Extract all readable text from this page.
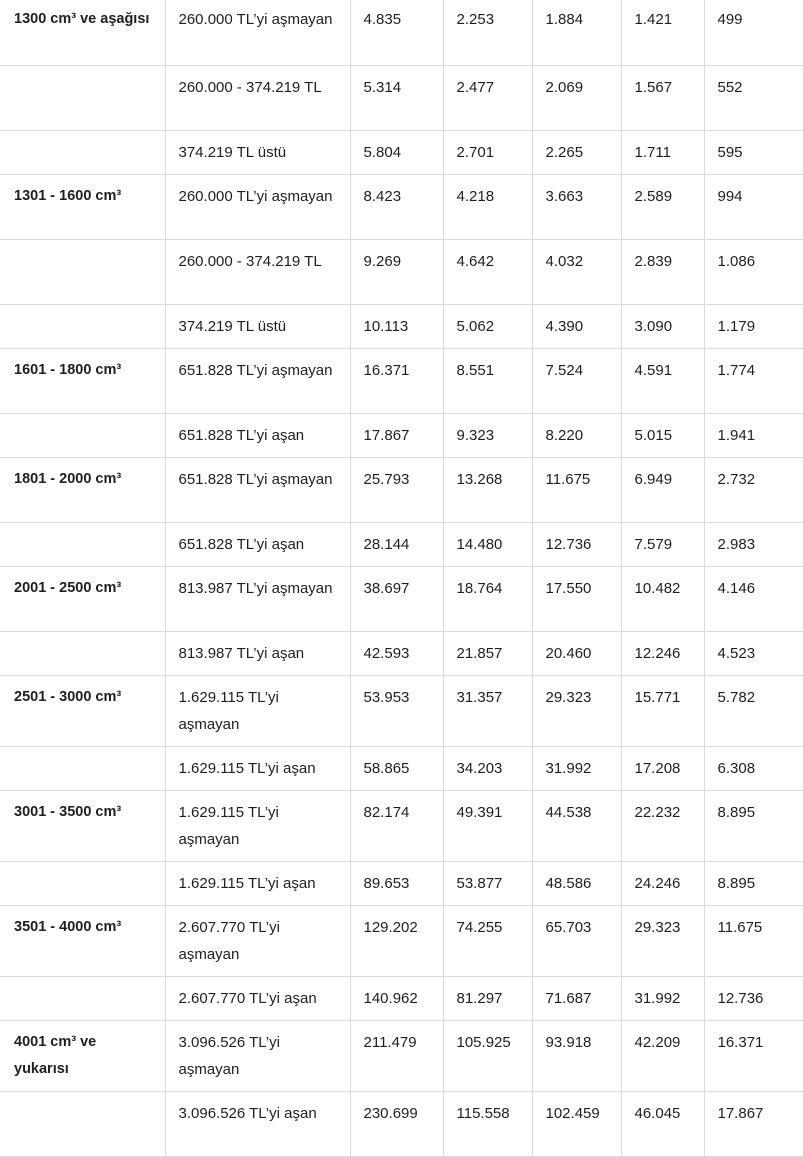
1300 cm³ ve aşağısı	260.000 TL’yi aşmayan	4.835	2.253	1.884	1.421	499
	260.000 - 374.219 TL	5.314	2.477	2.069	1.567	552
	374.219 TL üstü	5.804	2.701	2.265	1.711	595
1301 - 1600 cm³	260.000 TL’yi aşmayan	8.423	4.218	3.663	2.589	994
	260.000 - 374.219 TL	9.269	4.642	4.032	2.839	1.086
	374.219 TL üstü	10.113	5.062	4.390	3.090	1.179
1601 - 1800 cm³	651.828 TL’yi aşmayan	16.371	8.551	7.524	4.591	1.774
	651.828 TL’yi aşan	17.867	9.323	8.220	5.015	1.941
1801 - 2000 cm³	651.828 TL’yi aşmayan	25.793	13.268	11.675	6.949	2.732
	651.828 TL’yi aşan	28.144	14.480	12.736	7.579	2.983
2001 - 2500 cm³	813.987 TL’yi aşmayan	38.697	18.764	17.550	10.482	4.146
	813.987 TL’yi aşan	42.593	21.857	20.460	12.246	4.523
2501 - 3000 cm³	1.629.115 TL’yi aşmayan	53.953	31.357	29.323	15.771	5.782
	1.629.115 TL’yi aşan	58.865	34.203	31.992	17.208	6.308
3001 - 3500 cm³	1.629.115 TL’yi aşmayan	82.174	49.391	44.538	22.232	8.895
	1.629.115 TL’yi aşan	89.653	53.877	48.586	24.246	8.895
3501 - 4000 cm³	2.607.770 TL’yi aşmayan	129.202	74.255	65.703	29.323	11.675
	2.607.770 TL’yi aşan	140.962	81.297	71.687	31.992	12.736
4001 cm³ ve yukarısı	3.096.526 TL’yi aşmayan	211.479	105.925	93.918	42.209	16.371
	3.096.526 TL’yi aşan	230.699	115.558	102.459	46.045	17.867
